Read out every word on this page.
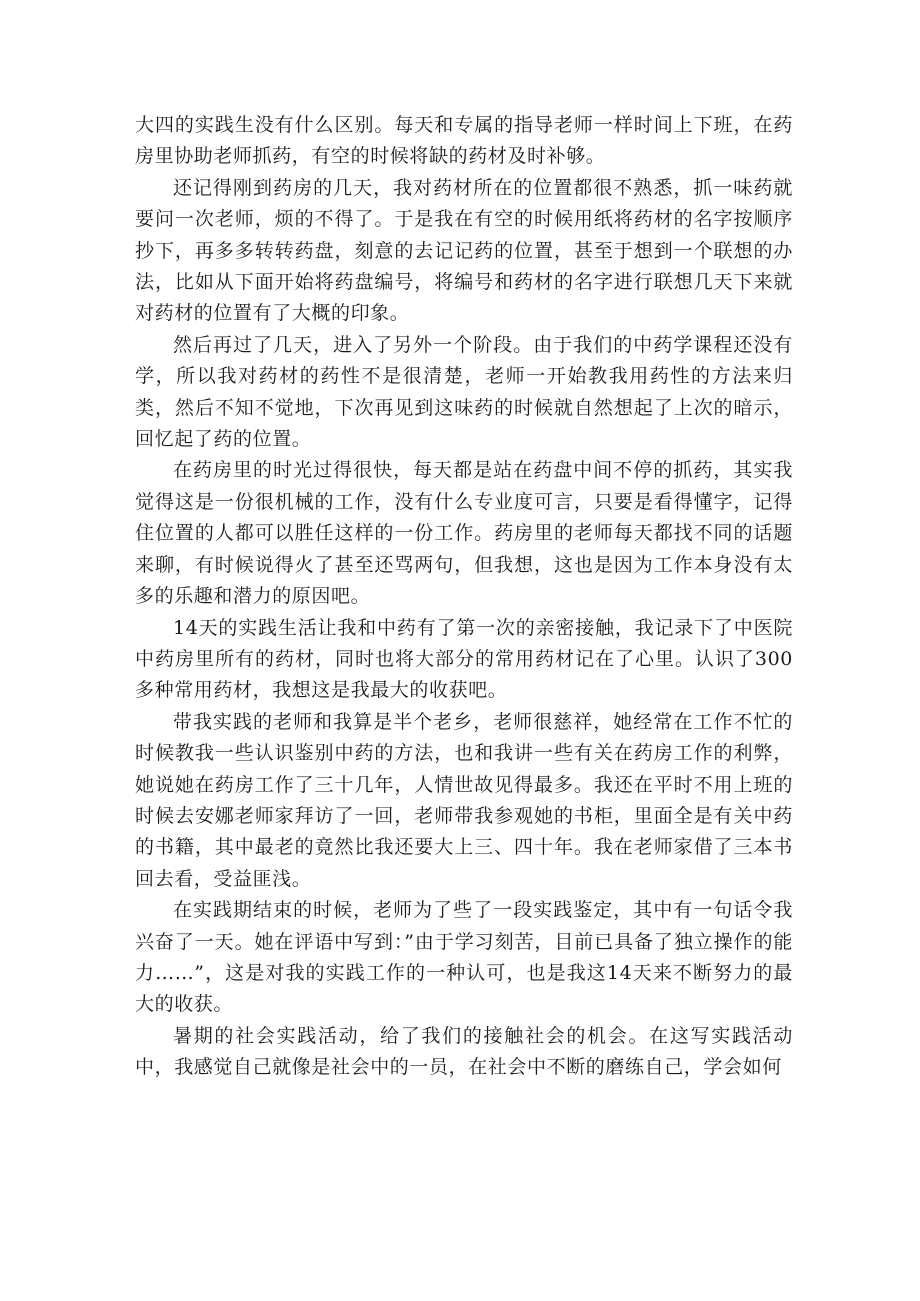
大四的实践生没有什么区别。每天和专属的指导老师一样时间上下班，在药房里协助老师抓药，有空的时候将缺的药材及时补够。

还记得刚到药房的几天，我对药材所在的位置都很不熟悉，抓一味药就要问一次老师，烦的不得了。于是我在有空的时候用纸将药材的名字按顺序抄下，再多多转转药盘，刻意的去记记药的位置，甚至于想到一个联想的办法，比如从下面开始将药盘编号，将编号和药材的名字进行联想几天下来就对药材的位置有了大概的印象。

然后再过了几天，进入了另外一个阶段。由于我们的中药学课程还没有学，所以我对药材的药性不是很清楚，老师一开始教我用药性的方法来归类，然后不知不觉地，下次再见到这味药的时候就自然想起了上次的暗示，回忆起了药的位置。

在药房里的时光过得很快，每天都是站在药盘中间不停的抓药，其实我觉得这是一份很机械的工作，没有什么专业度可言，只要是看得懂字，记得住位置的人都可以胜任这样的一份工作。药房里的老师每天都找不同的话题来聊，有时候说得火了甚至还骂两句，但我想，这也是因为工作本身没有太多的乐趣和潜力的原因吧。

14天的实践生活让我和中药有了第一次的亲密接触，我记录下了中医院中药房里所有的药材，同时也将大部分的常用药材记在了心里。认识了300多种常用药材，我想这是我最大的收获吧。

带我实践的老师和我算是半个老乡，老师很慈祥，她经常在工作不忙的时候教我一些认识鉴别中药的方法，也和我讲一些有关在药房工作的利弊，她说她在药房工作了三十几年，人情世故见得最多。我还在平时不用上班的时候去安娜老师家拜访了一回，老师带我参观她的书柜，里面全是有关中药的书籍，其中最老的竟然比我还要大上三、四十年。我在老师家借了三本书回去看，受益匪浅。

在实践期结束的时候，老师为了些了一段实践鉴定，其中有一句话令我兴奋了一天。她在评语中写到：”由于学习刻苦，目前已具备了独立操作的能力……”，这是对我的实践工作的一种认可，也是我这14天来不断努力的最大的收获。

暑期的社会实践活动，给了我们的接触社会的机会。在这写实践活动中，我感觉自己就像是社会中的一员，在社会中不断的磨练自己，学会如何
